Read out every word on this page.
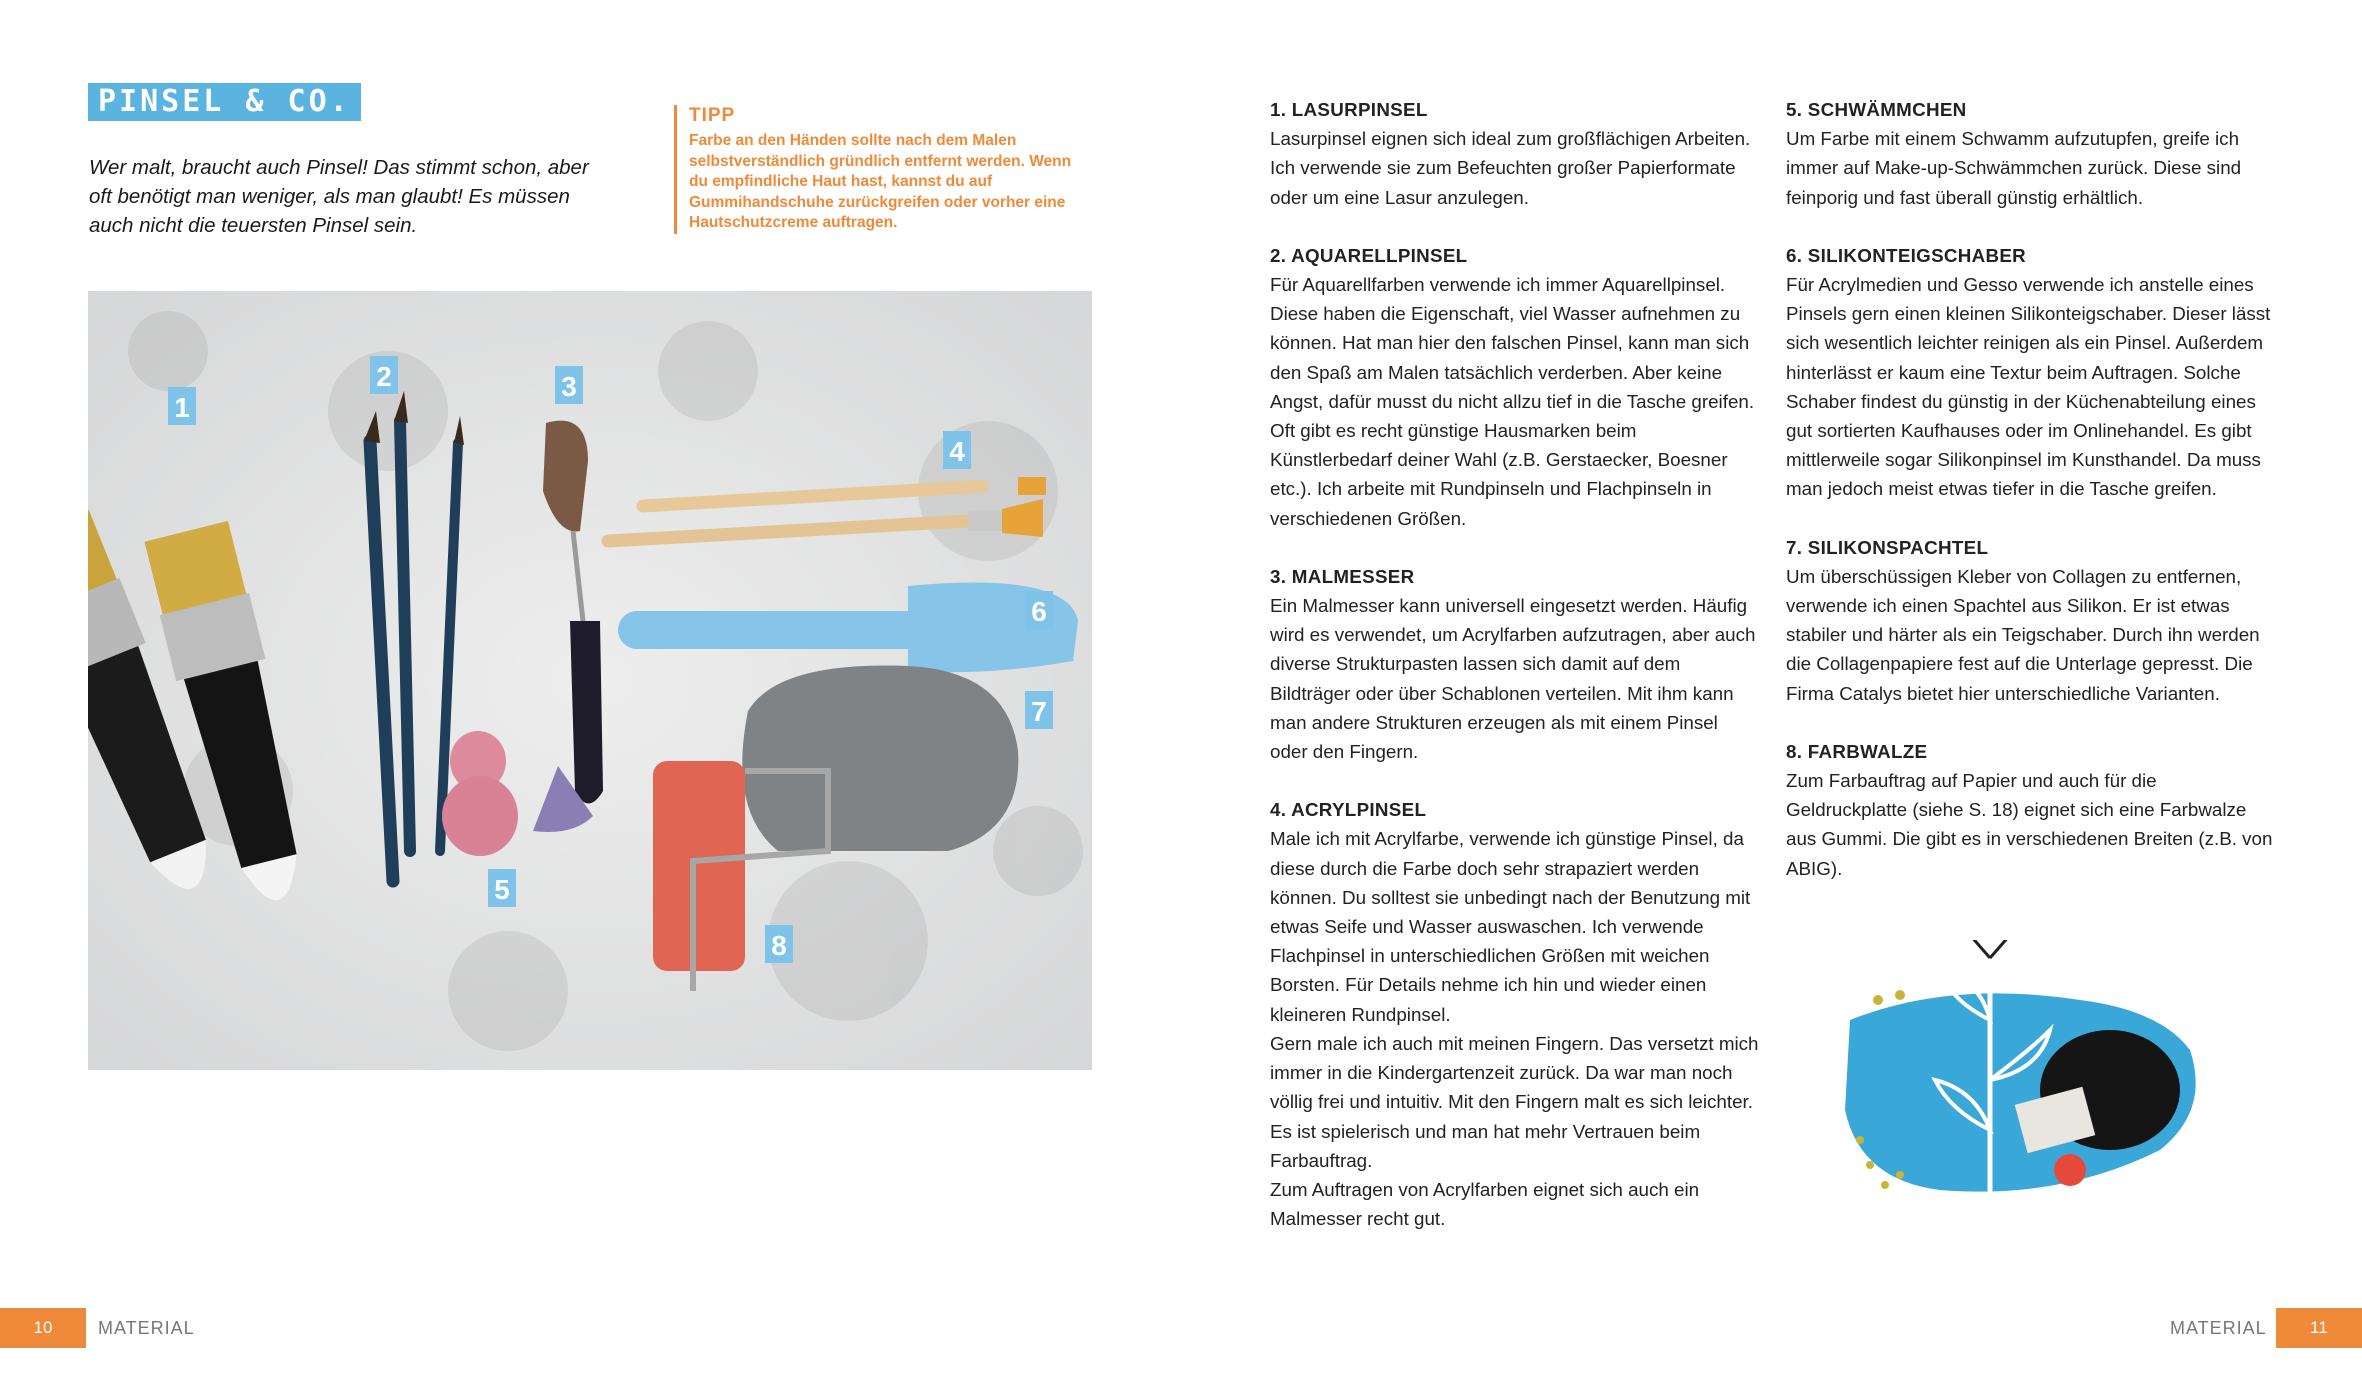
PINSEL & CO.
Wer malt, braucht auch Pinsel! Das stimmt schon, aber oft benötigt man weniger, als man glaubt! Es müssen auch nicht die teuersten Pinsel sein.
TIPP
Farbe an den Händen sollte nach dem Malen selbstverständlich gründlich entfernt werden. Wenn du empfindliche Haut hast, kannst du auf Gummihandschuhe zurückgreifen oder vorher eine Hautschutzcreme auftragen.
1
2	3
4
5
6
7
8
10	MATERIAL
1. LASURPINSEL

Lasurpinsel eignen sich ideal zum großflächigen Arbeiten. Ich verwende sie zum Befeuchten großer Papierformate oder um eine Lasur anzulegen.

2. AQUARELLPINSEL

Für Aquarellfarben verwende ich immer Aquarellpinsel. Diese haben die Eigenschaft, viel Wasser aufnehmen zu können. Hat man hier den falschen Pinsel, kann man sich den Spaß am Malen tatsächlich verderben. Aber keine Angst, dafür musst du nicht allzu tief in die Tasche greifen. Oft gibt es recht günstige Hausmarken beim Künstlerbedarf deiner Wahl (z.B. Gerstaecker, Boesner etc.). Ich arbeite mit Rundpinseln und Flachpinseln in verschiedenen Größen.

3. MALMESSER

Ein Malmesser kann universell eingesetzt werden. Häufig wird es verwendet, um Acrylfarben aufzutragen, aber auch diverse Strukturpasten lassen sich damit auf dem Bildträger oder über Schablonen verteilen. Mit ihm kann man andere Strukturen erzeugen als mit einem Pinsel oder den Fingern.

4. ACRYLPINSEL

Male ich mit Acrylfarbe, verwende ich günstige Pinsel, da diese durch die Farbe doch sehr strapaziert werden können. Du solltest sie unbedingt nach der Benutzung mit etwas Seife und Wasser auswaschen. Ich verwende Flachpinsel in unterschiedlichen Größen mit weichen Borsten. Für Details nehme ich hin und wieder einen kleineren Rundpinsel.

Gern male ich auch mit meinen Fingern. Das versetzt mich immer in die Kindergartenzeit zurück. Da war man noch völlig frei und intuitiv. Mit den Fingern malt es sich leichter. Es ist spielerisch und man hat mehr Vertrauen beim Farbauftrag.

Zum Auftragen von Acrylfarben eignet sich auch ein Malmesser recht gut.

5. SCHWÄMMCHEN

Um Farbe mit einem Schwamm aufzutupfen, greife ich immer auf Make-up-Schwämmchen zurück. Diese sind feinporig und fast überall günstig erhältlich.

6. SILIKONTEIGSCHABER

Für Acrylmedien und Gesso verwende ich anstelle eines Pinsels gern einen kleinen Silikonteigschaber. Dieser lässt sich wesentlich leichter reinigen als ein Pinsel. Außerdem hinterlässt er kaum eine Textur beim Auftragen. Solche Schaber findest du günstig in der Küchenabteilung eines gut sortierten Kaufhauses oder im Onlinehandel. Es gibt mittlerweile sogar Silikonpinsel im Kunsthandel. Da muss man jedoch meist etwas tiefer in die Tasche greifen.

7. SILIKONSPACHTEL

Um überschüssigen Kleber von Collagen zu entfernen, verwende ich einen Spachtel aus Silikon. Er ist etwas stabiler und härter als ein Teigschaber. Durch ihn werden die Collagenpapiere fest auf die Unterlage gepresst. Die Firma Catalys bietet hier unterschiedliche Varianten.

8. FARBWALZE

Zum Farbauftrag auf Papier und auch für die Geldruckplatte (siehe S. 18) eignet sich eine Farbwalze aus Gummi. Die gibt es in verschiedenen Breiten (z.B. von ABIG).

MATERIAL	11
